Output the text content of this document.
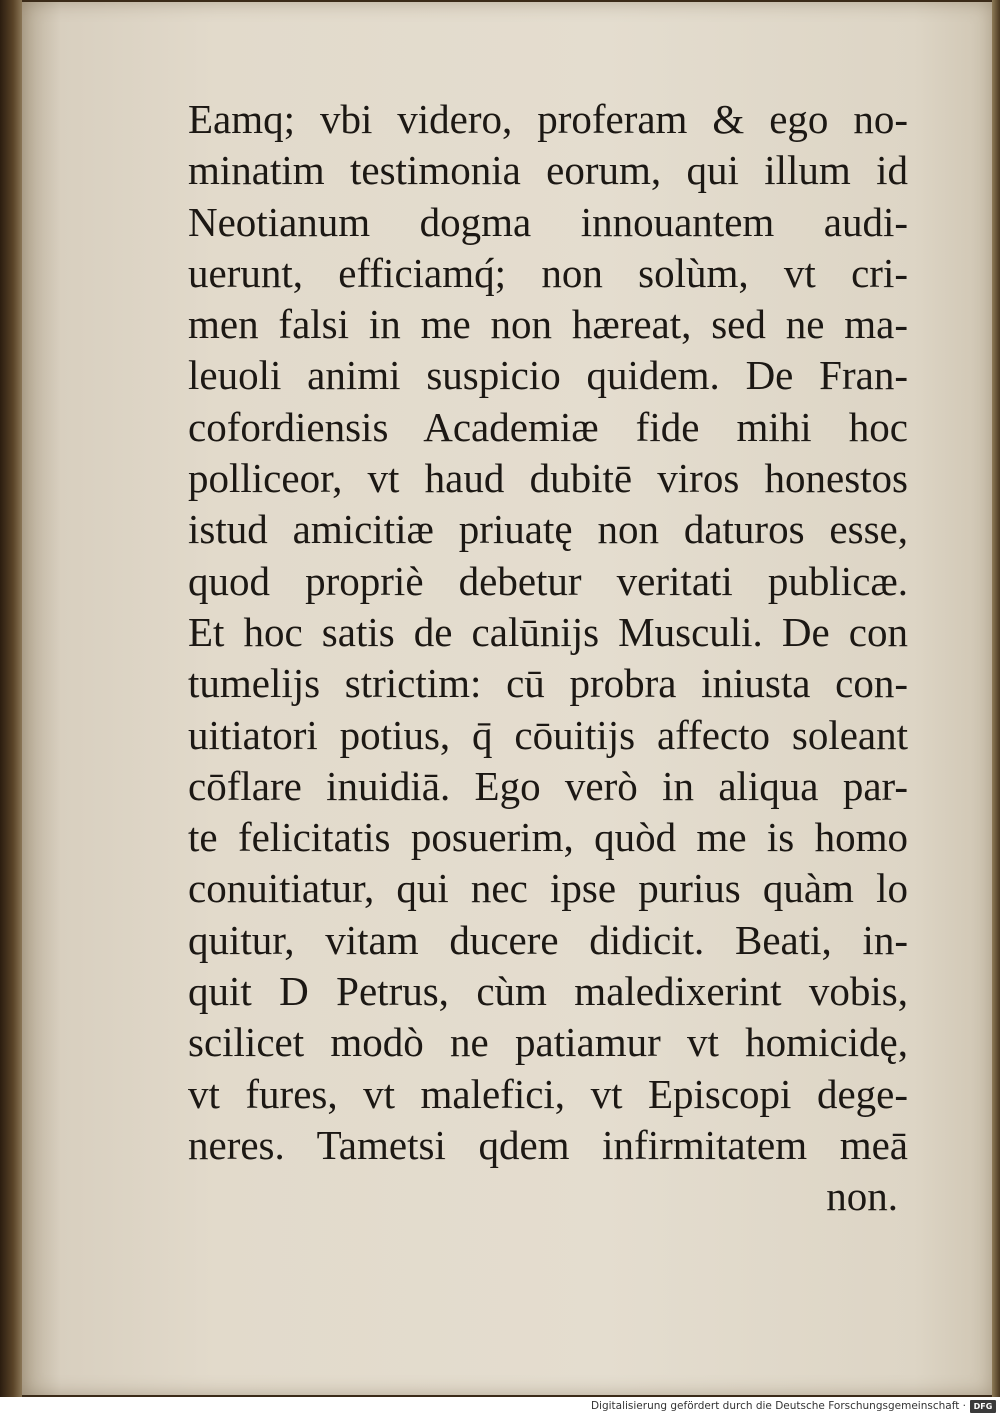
Eamq; vbi videro, proferam & ego no-
minatim testimonia eorum, qui illum id
Neotianum dogma innouantem audi-
uerunt, efficiamq́; non solùm, vt cri-
men falsi in me non hæreat, sed ne ma-
leuoli animi suspicio quidem. De Fran-
cofordiensis Academiæ fide mihi hoc
polliceor, vt haud dubitē viros honestos
istud amicitiæ priuatę non daturos esse,
quod propriè debetur veritati publicæ.
Et hoc satis de calūnijs Musculi. De con
tumelijs strictim: cū probra iniusta con-
uitiatori potius, q̄ cōuitijs affecto soleant
cōflare inuidiā. Ego verò in aliqua par-
te felicitatis posuerim, quòd me is homo
conuitiatur, qui nec ipse purius quàm lo
quitur, vitam ducere didicit. Beati, in-
quit D Petrus, cùm maledixerint vobis,
scilicet modò ne patiamur vt homicidę,
vt fures, vt malefici, vt Episcopi dege-
neres. Tametsi qdem infirmitatem meā
non.
Digitalisierung gefördert durch die Deutsche Forschungsgemeinschaft · DFG
